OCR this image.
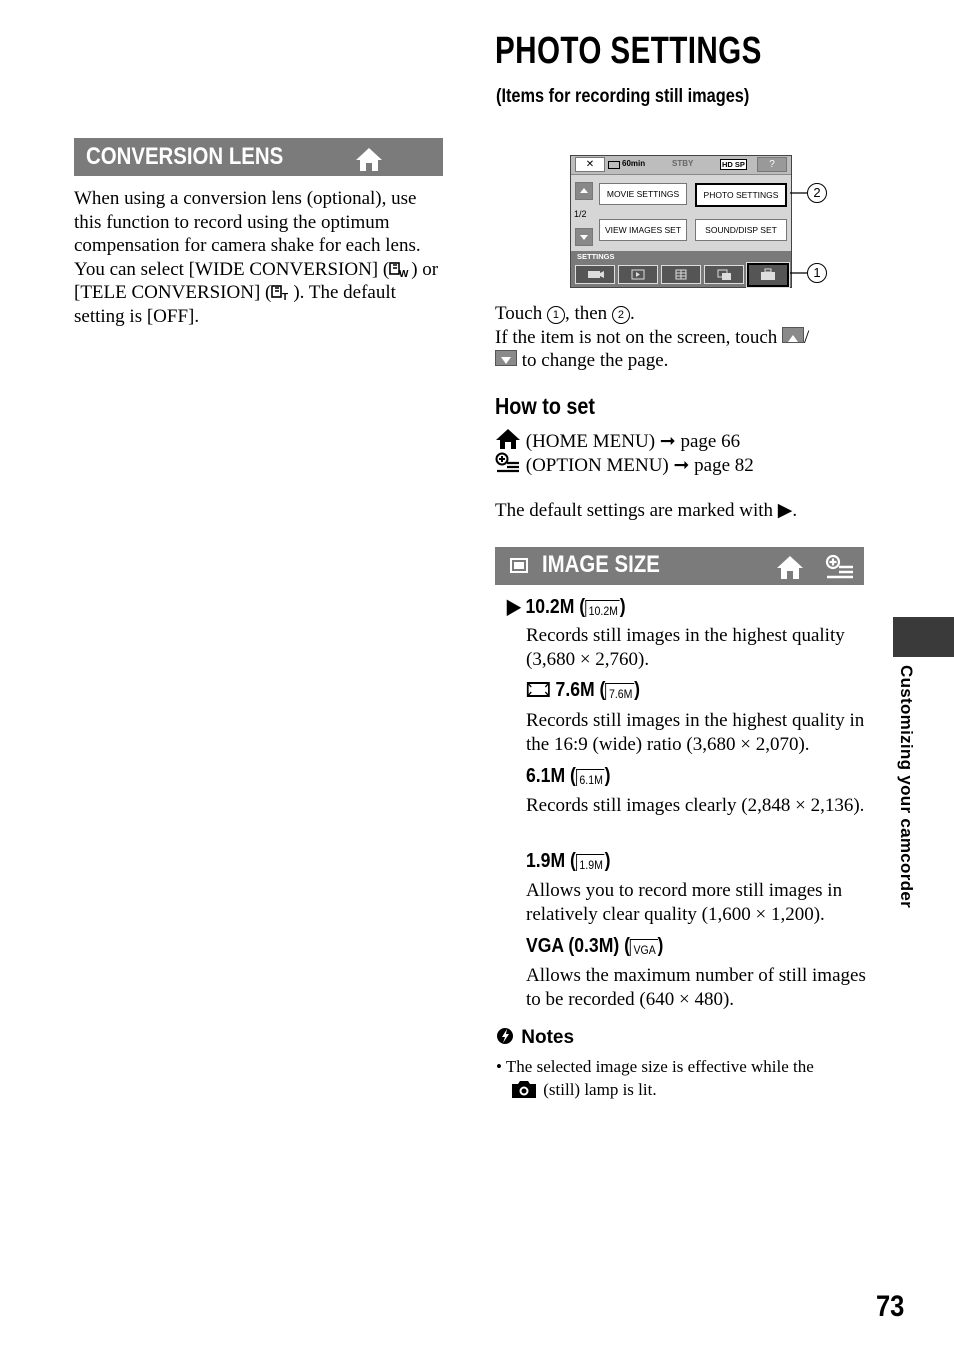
PHOTO SETTINGS
(Items for recording still images)
CONVERSION LENS

When using a conversion lens (optional), use this function to record using the optimum compensation for camera shake for each lens.

You can select [WIDE CONVERSION] ( W ) or [TELE CONVERSION] ( T ). The default setting is [OFF].

✕	60min	STBY	HD SP	?
1/2
MOVIE SETTINGS	PHOTO SETTINGS
VIEW IMAGES SET	SOUND/DISP SET
SETTINGS
2
1

Touch 1 , then 2 .

If the item is not on the screen, touch /
to change the page.

How to set
(HOME MENU) ➞ page 66
(OPTION MENU) ➞ page 82
The default settings are marked with ▶.
IMAGE SIZE
▶ 10.2M ( 10.2M)

Records still images in the highest quality (3,680 × 2,760).

7.6M ( 7.6M)

Records still images in the highest quality in the 16:9 (wide) ratio (3,680 × 2,070).

6.1M ( 6.1M)

Records still images clearly (2,848 × 2,136).

1.9M ( 1.9M)

Allows you to record more still images in relatively clear quality (1,600 × 1,200).

VGA (0.3M) ( VGA)

Allows the maximum number of still images to be recorded (640 × 480).

Notes

• The selected image size is effective while the
(still) lamp is lit.

Customizing your camcorder
73
